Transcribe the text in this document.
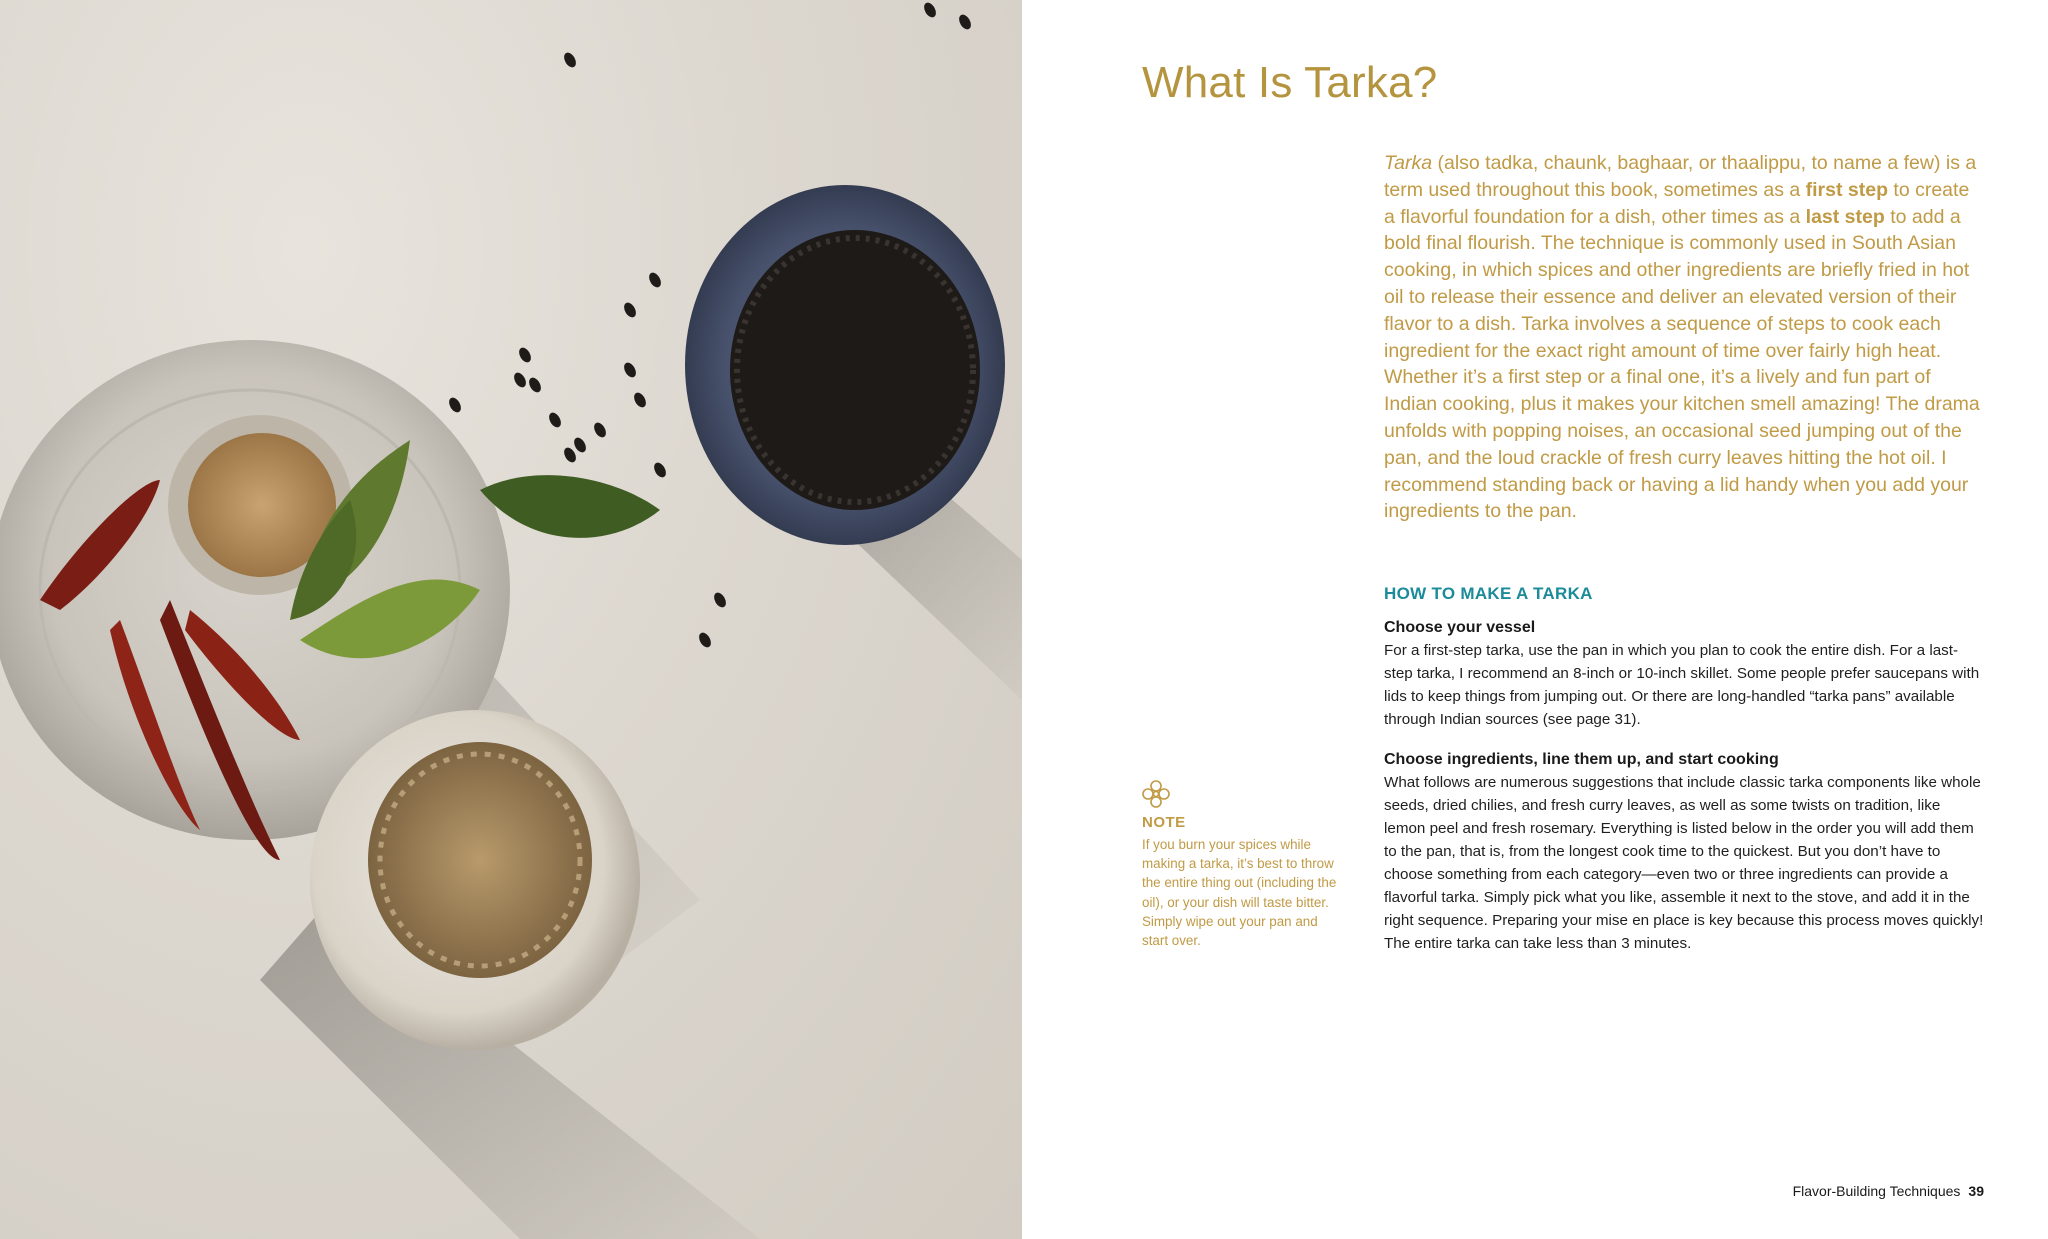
What Is Tarka?

Tarka (also tadka, chaunk, baghaar, or thaalippu, to name a few) is a term used throughout this book, sometimes as a first step to create a flavorful foundation for a dish, other times as a last step to add a bold final flourish. The technique is commonly used in South Asian cooking, in which spices and other ingredients are briefly fried in hot oil to release their essence and deliver an elevated version of their flavor to a dish. Tarka involves a sequence of steps to cook each ingredient for the exact right amount of time over fairly high heat. Whether it’s a first step or a final one, it’s a lively and fun part of Indian cooking, plus it makes your kitchen smell amazing! The drama unfolds with popping noises, an occasional seed jumping out of the pan, and the loud crackle of fresh curry leaves hitting the hot oil. I recommend standing back or having a lid handy when you add your ingredients to the pan.

HOW TO MAKE A TARKA

Choose your vessel

For a first-step tarka, use the pan in which you plan to cook the entire dish. For a last-step tarka, I recommend an 8-inch or 10-inch skillet. Some people prefer saucepans with lids to keep things from jumping out. Or there are long-handled “tarka pans” available through Indian sources (see page 31).

Choose ingredients, line them up, and start cooking

What follows are numerous suggestions that include classic tarka components like whole seeds, dried chilies, and fresh curry leaves, as well as some twists on tradition, like lemon peel and fresh rosemary. Everything is listed below in the order you will add them to the pan, that is, from the longest cook time to the quickest. But you don’t have to choose something from each category—even two or three ingredients can provide a flavorful tarka. Simply pick what you like, assemble it next to the stove, and add it in the right sequence. Preparing your mise en place is key because this process moves quickly! The entire tarka can take less than 3 minutes.

NOTE

If you burn your spices while making a tarka, it’s best to throw the entire thing out (including the oil), or your dish will taste bitter. Simply wipe out your pan and start over.

Flavor-Building Techniques 39
